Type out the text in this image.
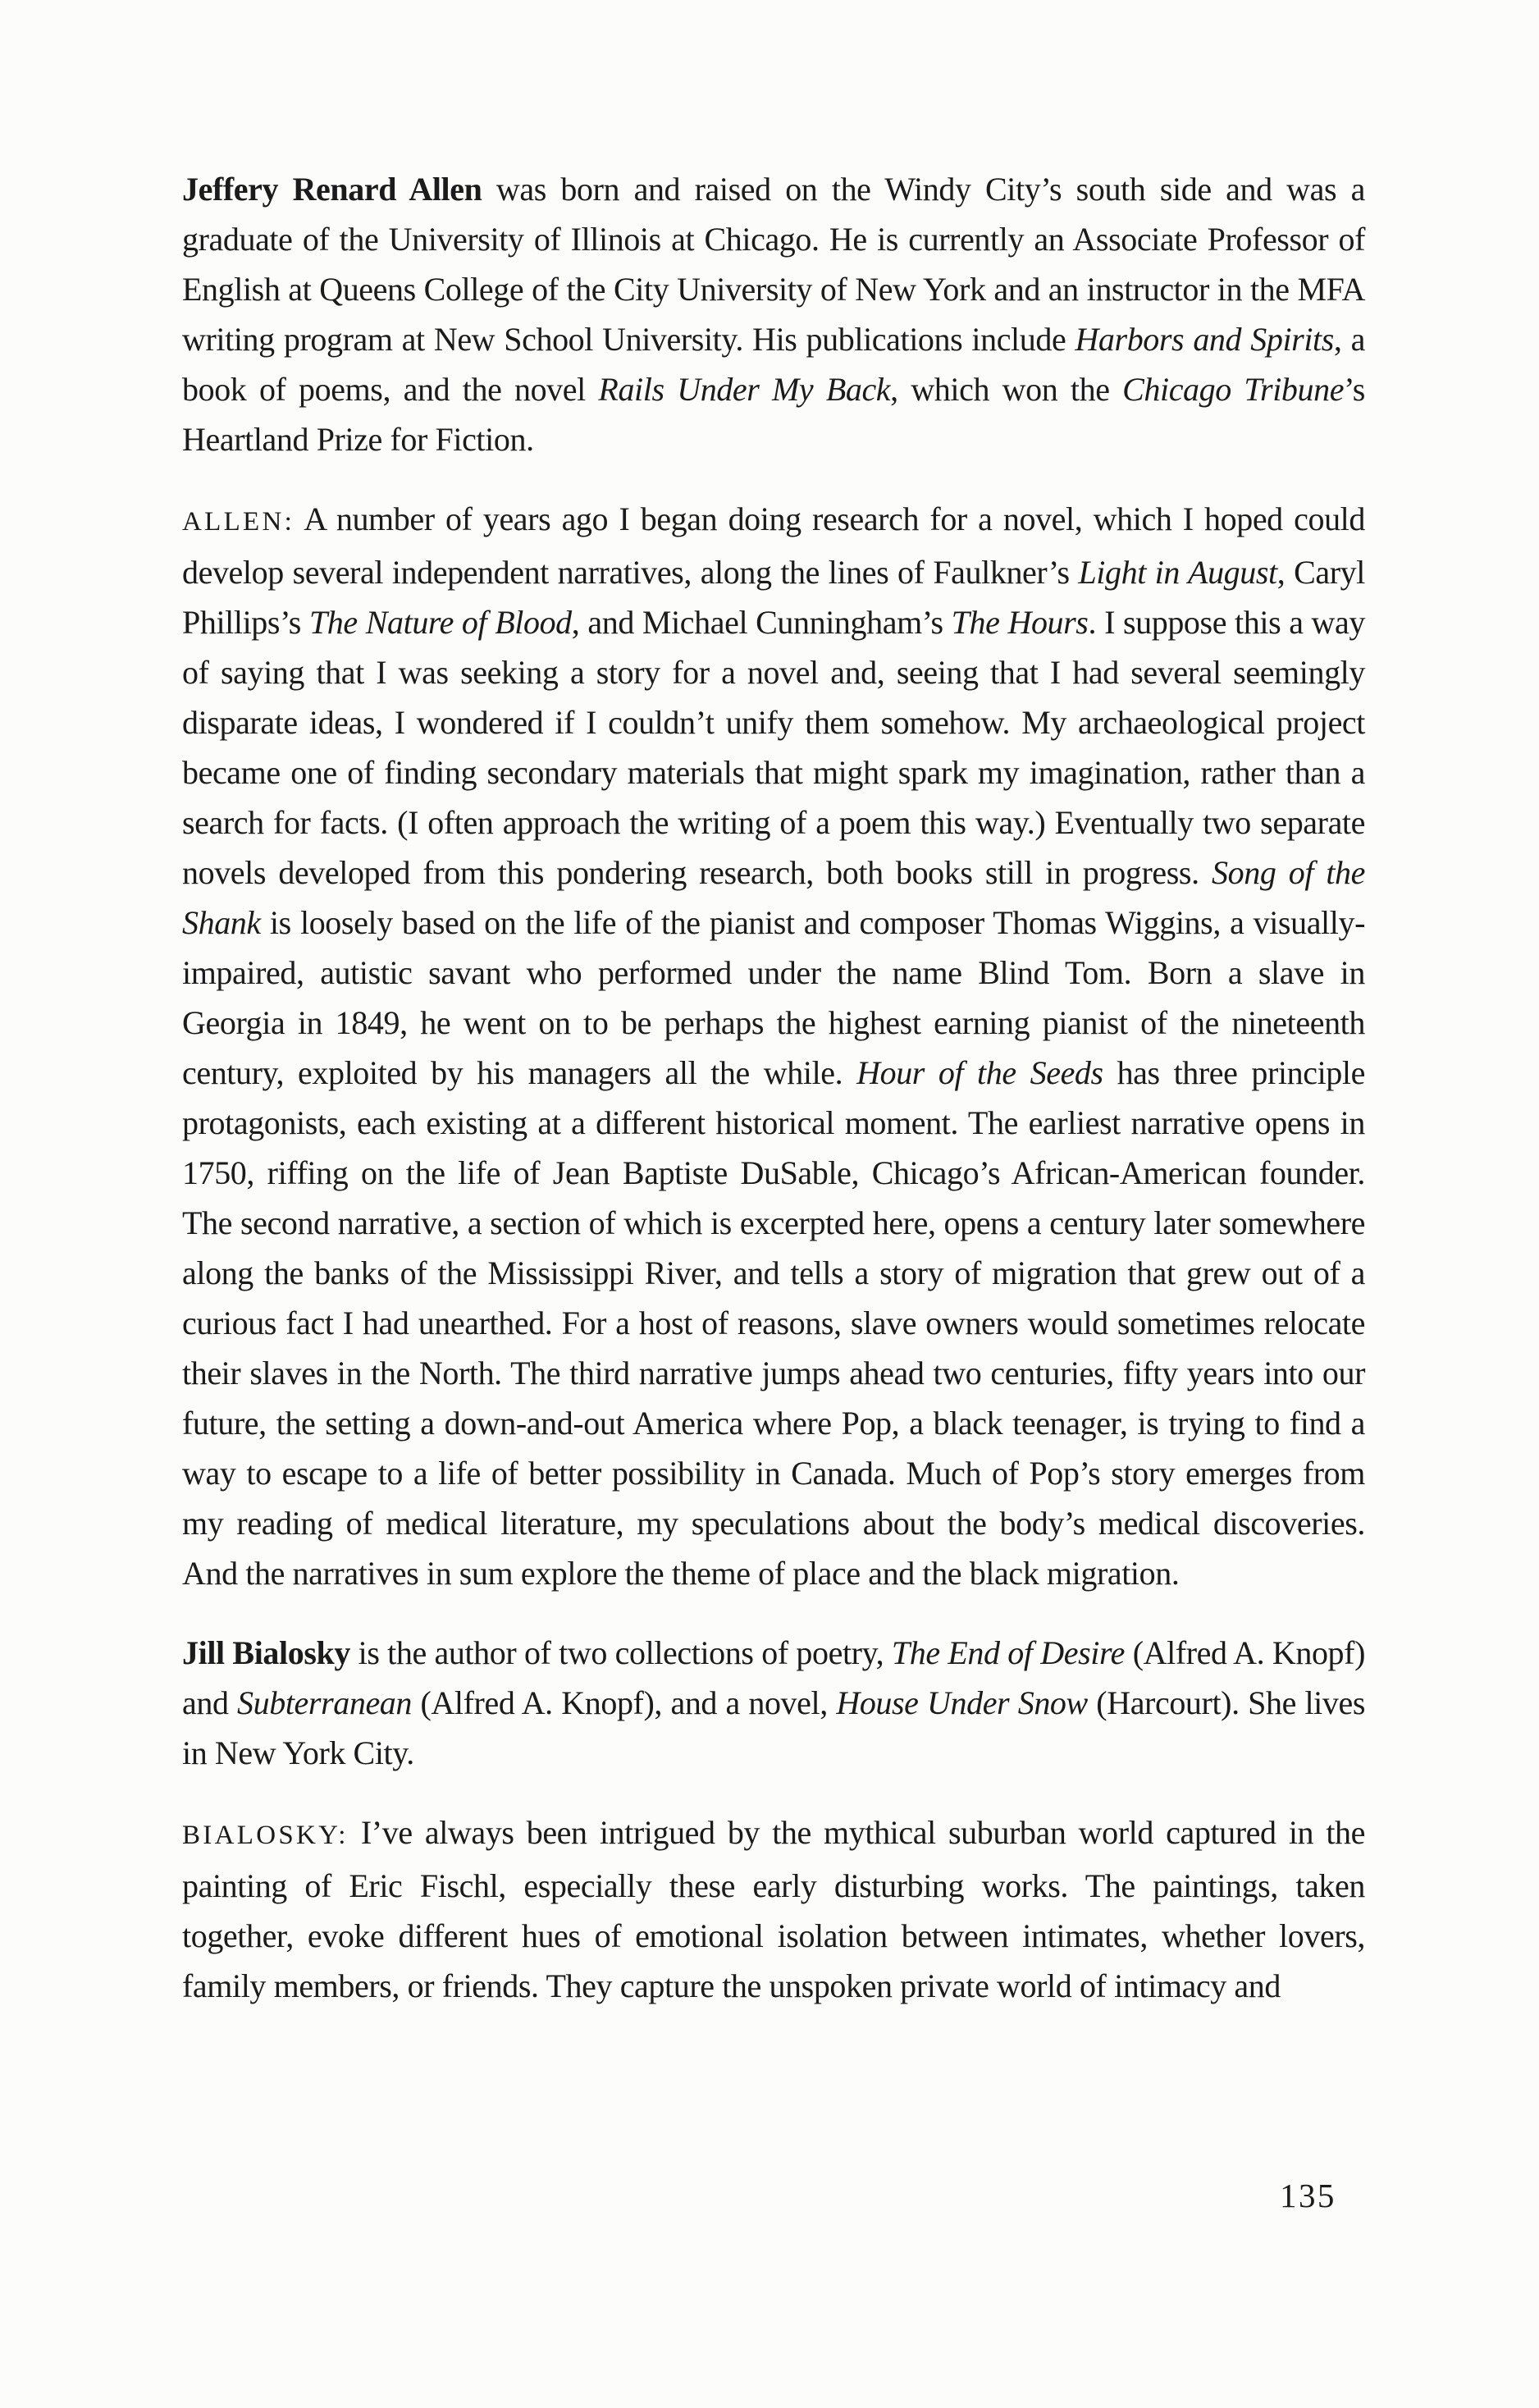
Jeffery Renard Allen was born and raised on the Windy City’s south side and was a graduate of the University of Illinois at Chicago. He is currently an Associate Professor of English at Queens College of the City University of New York and an instructor in the MFA writing program at New School University. His publications include Harbors and Spirits, a book of poems, and the novel Rails Under My Back, which won the Chicago Tribune’s Heartland Prize for Fiction.

ALLEN: A number of years ago I began doing research for a novel, which I hoped could develop several independent narratives, along the lines of Faulkner’s Light in August, Caryl Phillips’s The Nature of Blood, and Michael Cunningham’s The Hours. I suppose this a way of saying that I was seeking a story for a novel and, seeing that I had several seemingly disparate ideas, I wondered if I couldn’t unify them somehow. My archaeological project became one of finding secondary materials that might spark my imagination, rather than a search for facts. (I often approach the writing of a poem this way.) Eventually two separate novels developed from this pondering research, both books still in progress. Song of the Shank is loosely based on the life of the pianist and composer Thomas Wiggins, a visually-impaired, autistic savant who performed under the name Blind Tom. Born a slave in Georgia in 1849, he went on to be perhaps the highest earning pianist of the nineteenth century, exploited by his managers all the while. Hour of the Seeds has three principle protagonists, each existing at a different historical moment. The earliest narrative opens in 1750, riffing on the life of Jean Baptiste DuSable, Chicago’s African-American founder. The second narrative, a section of which is excerpted here, opens a century later somewhere along the banks of the Mississippi River, and tells a story of migration that grew out of a curious fact I had unearthed. For a host of reasons, slave owners would sometimes relocate their slaves in the North. The third narrative jumps ahead two centuries, fifty years into our future, the setting a down-and-out America where Pop, a black teenager, is trying to find a way to escape to a life of better possibility in Canada. Much of Pop’s story emerges from my reading of medical literature, my speculations about the body’s medical discoveries. And the narratives in sum explore the theme of place and the black migration.

Jill Bialosky is the author of two collections of poetry, The End of Desire (Alfred A. Knopf) and Subterranean (Alfred A. Knopf), and a novel, House Under Snow (Harcourt). She lives in New York City.

BIALOSKY: I’ve always been intrigued by the mythical suburban world captured in the painting of Eric Fischl, especially these early disturbing works. The paintings, taken together, evoke different hues of emotional isolation between intimates, whether lovers, family members, or friends. They capture the unspoken private world of intimacy and

135
